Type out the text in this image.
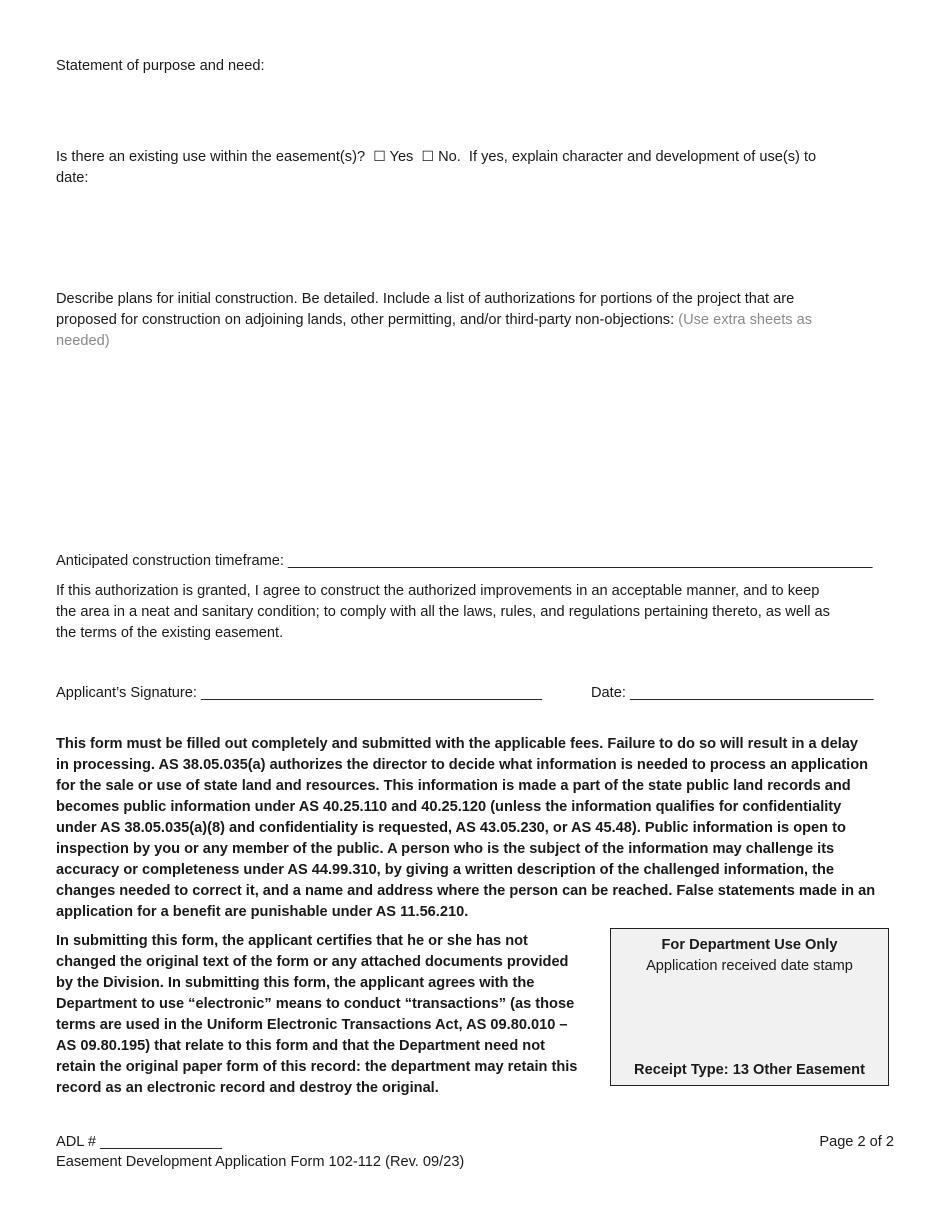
Statement of purpose and need:
Is there an existing use within the easement(s)? ☐ Yes ☐ No. If yes, explain character and development of use(s) to
date:
Describe plans for initial construction. Be detailed. Include a list of authorizations for portions of the project that are
proposed for construction on adjoining lands, other permitting, and/or third-party non-objections: (Use extra sheets as
needed)
Anticipated construction timeframe: ________________________________________________________________________
If this authorization is granted, I agree to construct the authorized improvements in an acceptable manner, and to keep
the area in a neat and sanitary condition; to comply with all the laws, rules, and regulations pertaining thereto, as well as
the terms of the existing easement.
Applicant’s Signature: __________________________________________	Date: ______________________________
This form must be filled out completely and submitted with the applicable fees. Failure to do so will result in a delay
in processing. AS 38.05.035(a) authorizes the director to decide what information is needed to process an application
for the sale or use of state land and resources. This information is made a part of the state public land records and
becomes public information under AS 40.25.110 and 40.25.120 (unless the information qualifies for confidentiality
under AS 38.05.035(a)(8) and confidentiality is requested, AS 43.05.230, or AS 45.48). Public information is open to
inspection by you or any member of the public. A person who is the subject of the information may challenge its
accuracy or completeness under AS 44.99.310, by giving a written description of the challenged information, the
changes needed to correct it, and a name and address where the person can be reached. False statements made in an
application for a benefit are punishable under AS 11.56.210.
In submitting this form, the applicant certifies that he or she has not
changed the original text of the form or any attached documents provided
by the Division. In submitting this form, the applicant agrees with the
Department to use “electronic” means to conduct “transactions” (as those
terms are used in the Uniform Electronic Transactions Act, AS 09.80.010 –
AS 09.80.195) that relate to this form and that the Department need not
retain the original paper form of this record: the department may retain this
record as an electronic record and destroy the original.
For Department Use Only
Application received date stamp
Receipt Type: 13 Other Easement
ADL # _______________
Easement Development Application Form 102-112 (Rev. 09/23)
Page 2 of 2
